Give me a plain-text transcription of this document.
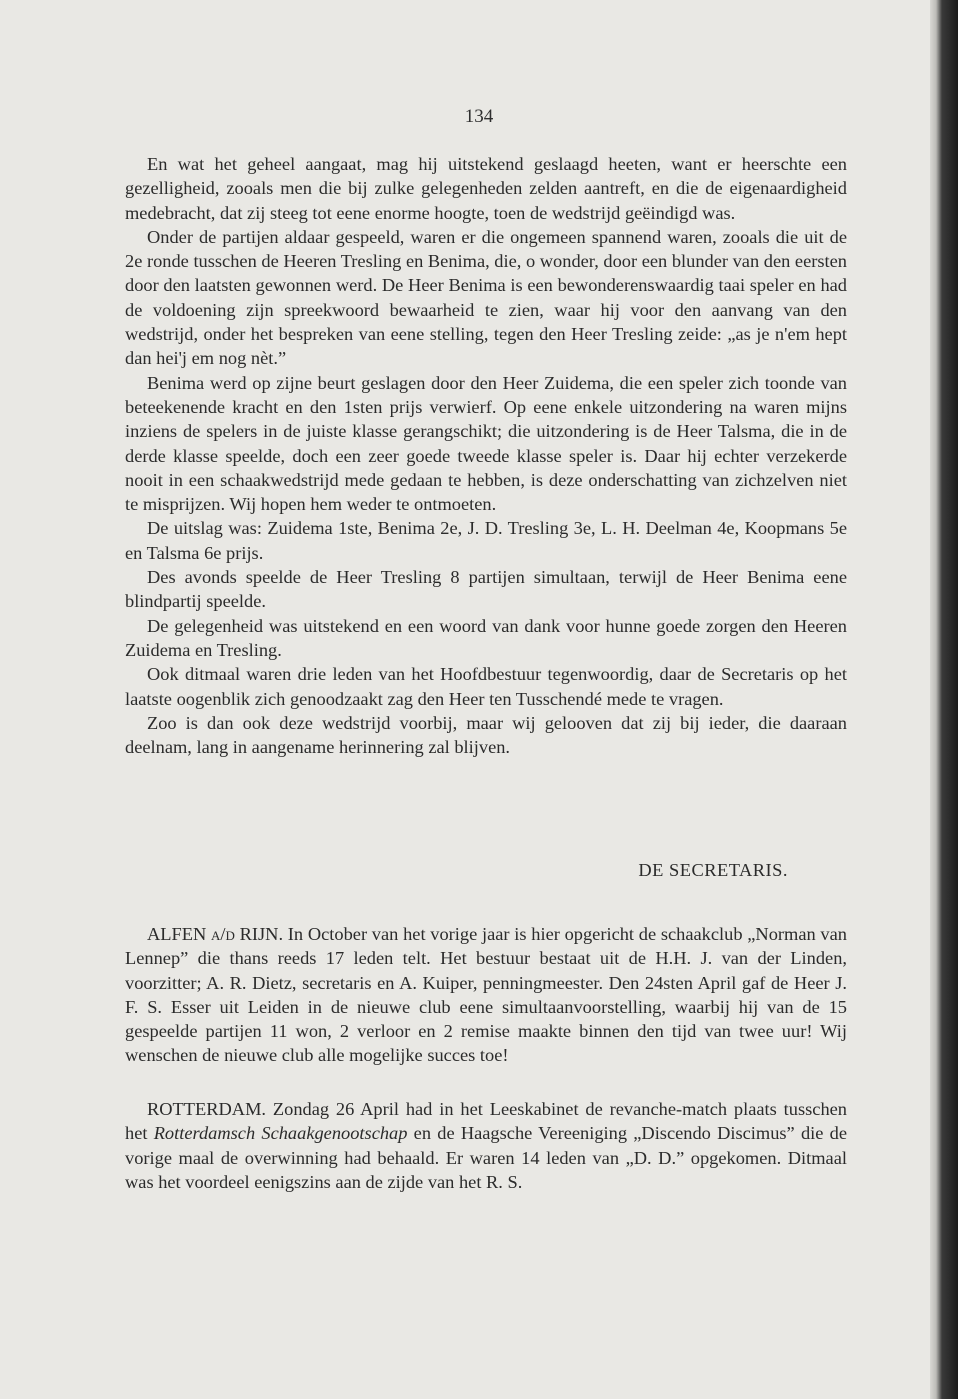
134

En wat het geheel aangaat, mag hij uitstekend geslaagd heeten, want er heerschte een gezelligheid, zooals men die bij zulke gelegenheden zelden aantreft, en die de eigenaardigheid medebracht, dat zij steeg tot eene enorme hoogte, toen de wedstrijd geëindigd was.

Onder de partijen aldaar gespeeld, waren er die ongemeen spannend waren, zooals die uit de 2e ronde tusschen de Heeren Tresling en Benima, die, o wonder, door een blunder van den eersten door den laatsten gewonnen werd. De Heer Benima is een bewonderenswaardig taai speler en had de voldoening zijn spreekwoord bewaarheid te zien, waar hij voor den aanvang van den wedstrijd, onder het bespreken van eene stelling, tegen den Heer Tresling zeide: „as je n'em hept dan hei'j em nog nèt.”

Benima werd op zijne beurt geslagen door den Heer Zuidema, die een speler zich toonde van beteekenende kracht en den 1sten prijs verwierf. Op eene enkele uitzondering na waren mijns inziens de spelers in de juiste klasse gerangschikt; die uitzondering is de Heer Talsma, die in de derde klasse speelde, doch een zeer goede tweede klasse speler is. Daar hij echter verzekerde nooit in een schaakwedstrijd mede gedaan te hebben, is deze onderschatting van zichzelven niet te misprijzen. Wij hopen hem weder te ontmoeten.

De uitslag was: Zuidema 1ste, Benima 2e, J. D. Tresling 3e, L. H. Deelman 4e, Koopmans 5e en Talsma 6e prijs.

Des avonds speelde de Heer Tresling 8 partijen simultaan, terwijl de Heer Benima eene blindpartij speelde.

De gelegenheid was uitstekend en een woord van dank voor hunne goede zorgen den Heeren Zuidema en Tresling.

Ook ditmaal waren drie leden van het Hoofdbestuur tegenwoordig, daar de Secretaris op het laatste oogenblik zich genoodzaakt zag den Heer ten Tusschendé mede te vragen.

Zoo is dan ook deze wedstrijd voorbij, maar wij gelooven dat zij bij ieder, die daaraan deelnam, lang in aangename herinnering zal blijven.

DE SECRETARIS.

ALFEN a/d RIJN. In October van het vorige jaar is hier opgericht de schaakclub „Norman van Lennep” die thans reeds 17 leden telt. Het bestuur bestaat uit de H.H. J. van der Linden, voorzitter; A. R. Dietz, secretaris en A. Kuiper, penningmeester. Den 24sten April gaf de Heer J. F. S. Esser uit Leiden in de nieuwe club eene simultaanvoorstelling, waarbij hij van de 15 gespeelde partijen 11 won, 2 verloor en 2 remise maakte binnen den tijd van twee uur! Wij wenschen de nieuwe club alle mogelijke succes toe!

ROTTERDAM. Zondag 26 April had in het Leeskabinet de revanche-match plaats tusschen het Rotterdamsch Schaakgenootschap en de Haagsche Vereeniging „Discendo Discimus” die de vorige maal de overwinning had behaald. Er waren 14 leden van „D. D.” opgekomen. Ditmaal was het voordeel eenigszins aan de zijde van het R. S.
